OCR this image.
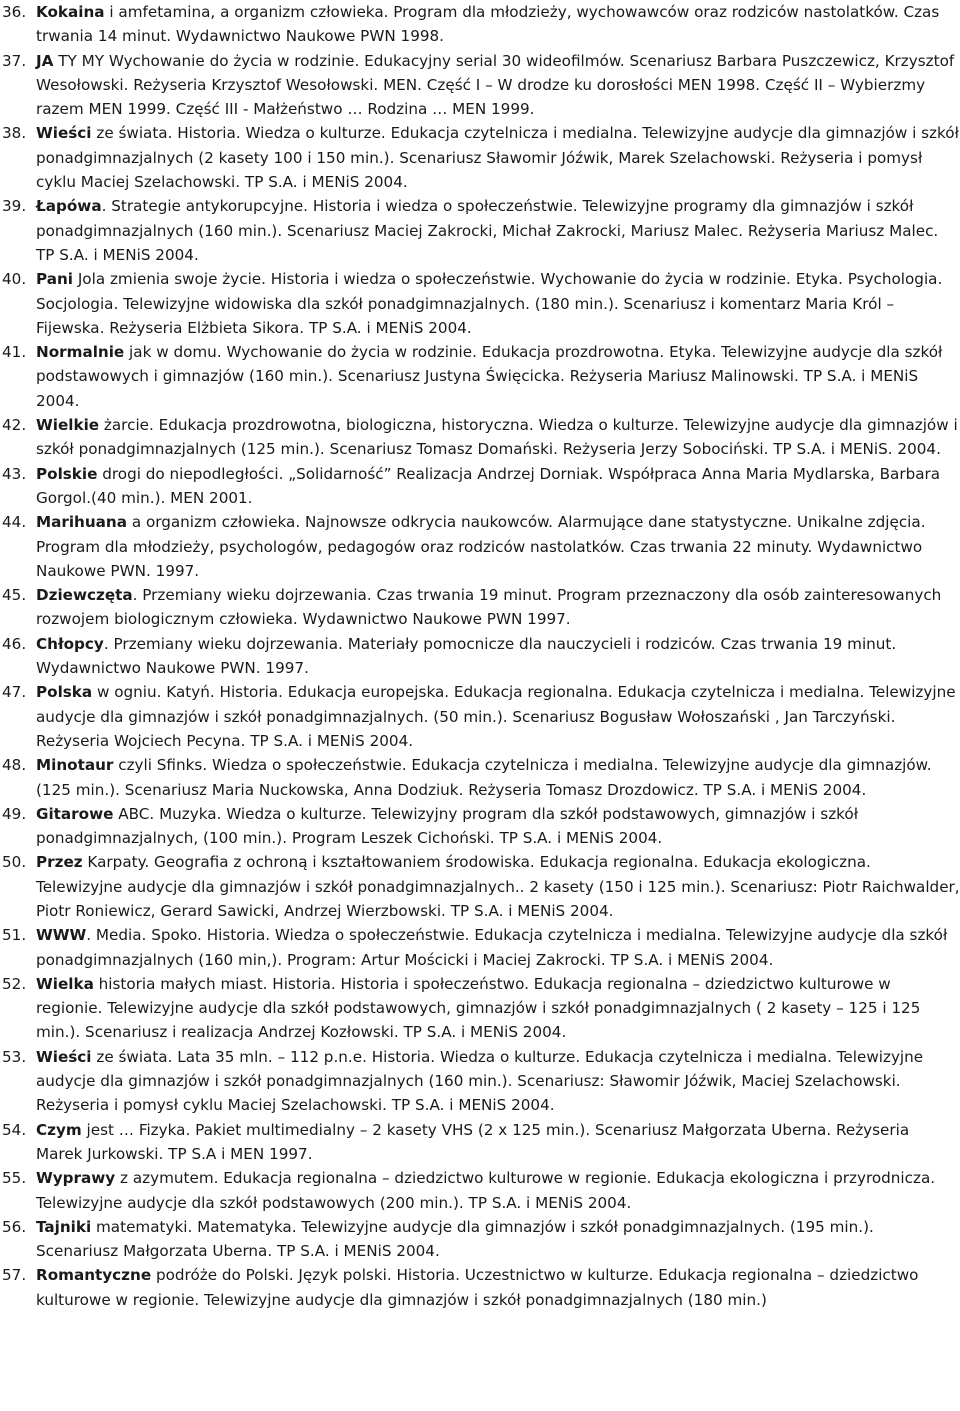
36. Kokaina i amfetamina, a organizm człowieka. Program dla młodzieży, wychowawców oraz rodziców nastolatków. Czas trwania 14 minut. Wydawnictwo Naukowe PWN 1998.
37. JA TY MY Wychowanie do życia w rodzinie. Edukacyjny serial 30 wideofilmów. Scenariusz Barbara Puszczewicz, Krzysztof Wesołowski. Reżyseria Krzysztof Wesołowski. MEN. Część I – W drodze ku dorosłości MEN 1998. Część II – Wybierzmy razem MEN 1999. Część III - Małżeństwo … Rodzina … MEN 1999.
38. Wieści ze świata. Historia. Wiedza o kulturze. Edukacja czytelnicza i medialna. Telewizyjne audycje dla gimnazjów i szkół ponadgimnazjalnych (2 kasety 100 i 150 min.). Scenariusz Sławomir Jóźwik, Marek Szelachowski. Reżyseria i pomysł cyklu Maciej Szelachowski. TP S.A. i MENiS 2004.
39. Łapówa. Strategie antykorupcyjne. Historia i wiedza o społeczeństwie. Telewizyjne programy dla gimnazjów i szkół ponadgimnazjalnych (160 min.). Scenariusz Maciej Zakrocki, Michał Zakrocki, Mariusz Malec. Reżyseria Mariusz Malec. TP S.A. i MENiS 2004.
40. Pani Jola zmienia swoje życie. Historia i wiedza o społeczeństwie. Wychowanie do życia w rodzinie. Etyka. Psychologia. Socjologia. Telewizyjne widowiska dla szkół ponadgimnazjalnych. (180 min.). Scenariusz i komentarz Maria Król – Fijewska. Reżyseria Elżbieta Sikora. TP S.A. i MENiS 2004.
41. Normalnie jak w domu. Wychowanie do życia w rodzinie. Edukacja prozdrowotna. Etyka. Telewizyjne audycje dla szkół podstawowych i gimnazjów (160 min.). Scenariusz Justyna Święcicka. Reżyseria Mariusz Malinowski. TP S.A. i MENiS 2004.
42. Wielkie żarcie. Edukacja prozdrowotna, biologiczna, historyczna. Wiedza o kulturze. Telewizyjne audycje dla gimnazjów i szkół ponadgimnazjalnych (125 min.). Scenariusz Tomasz Domański. Reżyseria Jerzy Sobociński. TP S.A. i MENiS. 2004.
43. Polskie drogi do niepodległości. „Solidarność” Realizacja Andrzej Dorniak. Współpraca Anna Maria Mydlarska, Barbara Gorgol.(40 min.). MEN 2001.
44. Marihuana a organizm człowieka. Najnowsze odkrycia naukowców. Alarmujące dane statystyczne. Unikalne zdjęcia. Program dla młodzieży, psychologów, pedagogów oraz rodziców nastolatków. Czas trwania 22 minuty. Wydawnictwo Naukowe PWN. 1997.
45. Dziewczęta. Przemiany wieku dojrzewania. Czas trwania 19 minut. Program przeznaczony dla osób zainteresowanych rozwojem biologicznym człowieka. Wydawnictwo Naukowe PWN 1997.
46. Chłopcy. Przemiany wieku dojrzewania. Materiały pomocnicze dla nauczycieli i rodziców. Czas trwania 19 minut. Wydawnictwo Naukowe PWN. 1997.
47. Polska w ogniu. Katyń. Historia. Edukacja europejska. Edukacja regionalna. Edukacja czytelnicza i medialna. Telewizyjne audycje dla gimnazjów i szkół ponadgimnazjalnych. (50 min.). Scenariusz Bogusław Wołoszański , Jan Tarczyński. Reżyseria Wojciech Pecyna. TP S.A. i MENiS 2004.
48. Minotaur czyli Sfinks. Wiedza o społeczeństwie. Edukacja czytelnicza i medialna. Telewizyjne audycje dla gimnazjów. (125 min.). Scenariusz Maria Nuckowska, Anna Dodziuk. Reżyseria Tomasz Drozdowicz. TP S.A. i MENiS 2004.
49. Gitarowe ABC. Muzyka. Wiedza o kulturze. Telewizyjny program dla szkół podstawowych, gimnazjów i szkół ponadgimnazjalnych, (100 min.). Program Leszek Cichoński. TP S.A. i MENiS 2004.
50. Przez Karpaty. Geografia z ochroną i kształtowaniem środowiska. Edukacja regionalna. Edukacja ekologiczna. Telewizyjne audycje dla gimnazjów i szkół ponadgimnazjalnych.. 2 kasety (150 i 125 min.). Scenariusz: Piotr Raichwalder, Piotr Roniewicz, Gerard Sawicki, Andrzej Wierzbowski. TP S.A. i MENiS 2004.
51. WWW. Media. Spoko. Historia. Wiedza o społeczeństwie. Edukacja czytelnicza i medialna. Telewizyjne audycje dla szkół ponadgimnazjalnych (160 min,). Program: Artur Mościcki i Maciej Zakrocki. TP S.A. i MENiS 2004.
52. Wielka historia małych miast. Historia. Historia i społeczeństwo. Edukacja regionalna – dziedzictwo kulturowe w regionie. Telewizyjne audycje dla szkół podstawowych, gimnazjów i szkół ponadgimnazjalnych ( 2 kasety – 125 i 125 min.). Scenariusz i realizacja Andrzej Kozłowski. TP S.A. i MENiS 2004.
53. Wieści ze świata. Lata 35 mln. – 112 p.n.e. Historia. Wiedza o kulturze. Edukacja czytelnicza i medialna. Telewizyjne audycje dla gimnazjów i szkół ponadgimnazjalnych (160 min.). Scenariusz: Sławomir Jóźwik, Maciej Szelachowski. Reżyseria i pomysł cyklu Maciej Szelachowski. TP S.A. i MENiS 2004.
54. Czym jest … Fizyka. Pakiet multimedialny – 2 kasety VHS (2 x 125 min.). Scenariusz Małgorzata Uberna. Reżyseria Marek Jurkowski. TP S.A i MEN 1997.
55. Wyprawy z azymutem. Edukacja regionalna – dziedzictwo kulturowe w regionie. Edukacja ekologiczna i przyrodnicza. Telewizyjne audycje dla szkół podstawowych (200 min.). TP S.A. i MENiS 2004.
56. Tajniki matematyki. Matematyka. Telewizyjne audycje dla gimnazjów i szkół ponadgimnazjalnych. (195 min.). Scenariusz Małgorzata Uberna. TP S.A. i MENiS 2004.
57. Romantyczne podróże do Polski. Język polski. Historia. Uczestnictwo w kulturze. Edukacja regionalna – dziedzictwo kulturowe w regionie. Telewizyjne audycje dla gimnazjów i szkół ponadgimnazjalnych (180 min.)
